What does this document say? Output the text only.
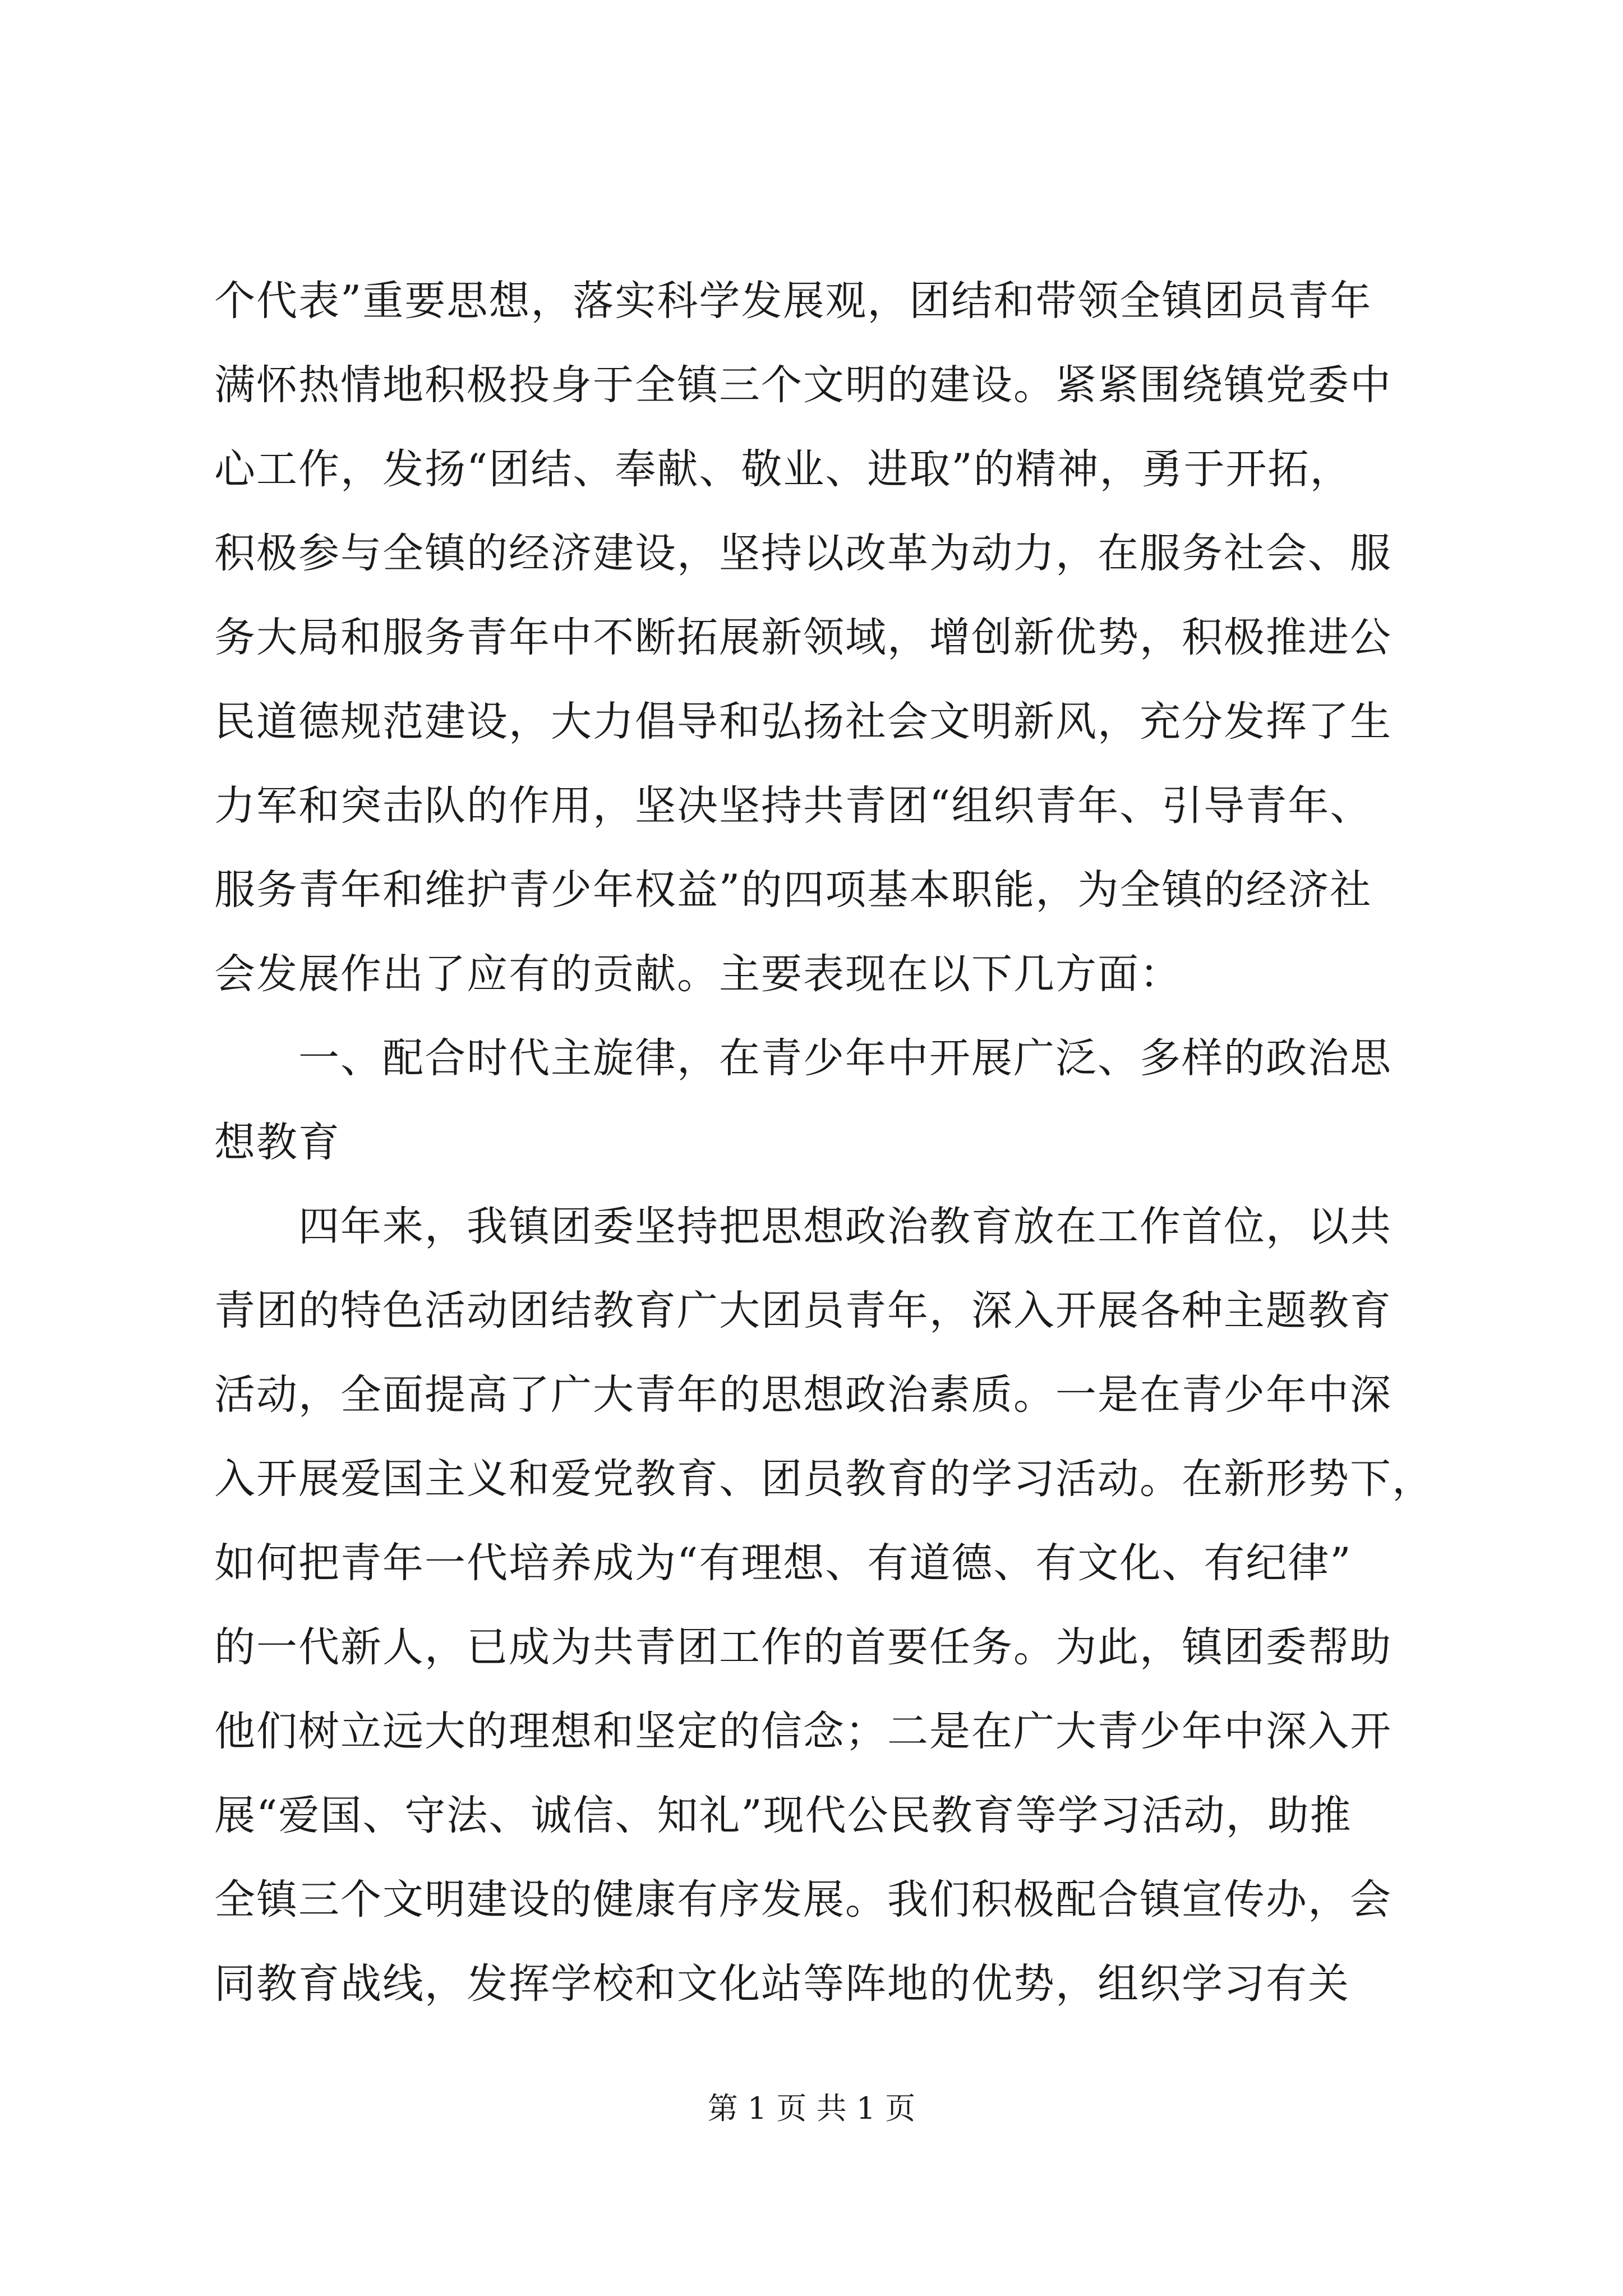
个代表”重要思想，落实科学发展观，团结和带领全镇团员青年
满怀热情地积极投身于全镇三个文明的建设。紧紧围绕镇党委中
心工作，发扬“团结、奉献、敬业、进取”的精神，勇于开拓，
积极参与全镇的经济建设，坚持以改革为动力，在服务社会、服
务大局和服务青年中不断拓展新领域，增创新优势，积极推进公
民道德规范建设，大力倡导和弘扬社会文明新风，充分发挥了生
力军和突击队的作用，坚决坚持共青团“组织青年、引导青年、
服务青年和维护青少年权益”的四项基本职能，为全镇的经济社
会发展作出了应有的贡献。主要表现在以下几方面：
　　一、配合时代主旋律，在青少年中开展广泛、多样的政治思
想教育
　　四年来，我镇团委坚持把思想政治教育放在工作首位，以共
青团的特色活动团结教育广大团员青年，深入开展各种主题教育
活动，全面提高了广大青年的思想政治素质。一是在青少年中深
入开展爱国主义和爱党教育、团员教育的学习活动。在新形势下，
如何把青年一代培养成为“有理想、有道德、有文化、有纪律”
的一代新人，已成为共青团工作的首要任务。为此，镇团委帮助
他们树立远大的理想和坚定的信念；二是在广大青少年中深入开
展“爱国、守法、诚信、知礼”现代公民教育等学习活动，助推
全镇三个文明建设的健康有序发展。我们积极配合镇宣传办，会
同教育战线，发挥学校和文化站等阵地的优势，组织学习有关
第 1 页 共 1 页
